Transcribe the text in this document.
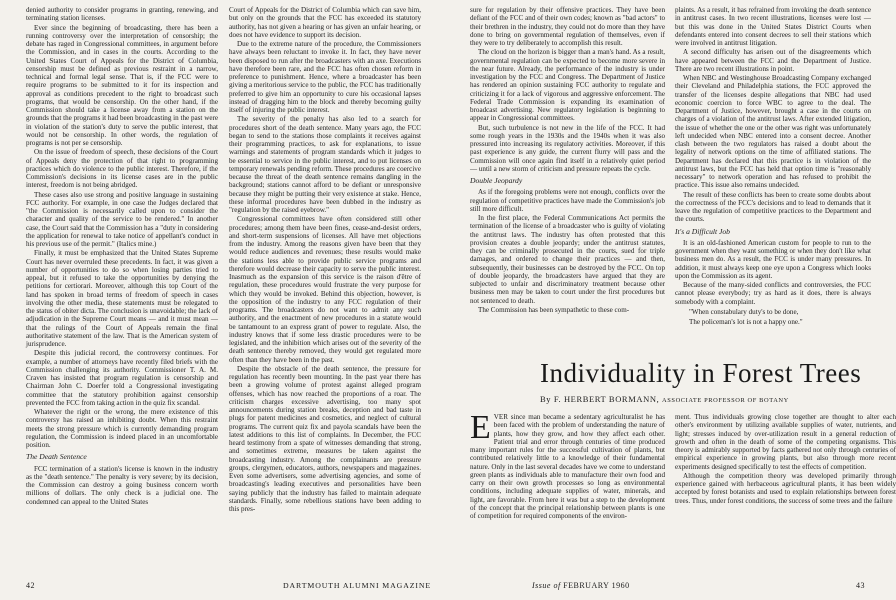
denied authority to consider programs in granting, renewing, and terminating station licenses.

Ever since the beginning of broadcasting, there has been a running controversy over the interpretation of censorship; the debate has raged in Congressional committees, in argument before the Commission, and in cases in the courts. According to the United States Court of Appeals for the District of Columbia, censorship must be defined as previous restraint in a narrow, technical and formal legal sense. That is, if the FCC were to require programs to be submitted to it for its inspection and approval as conditions precedent to the right to broadcast such programs, that would be censorship. On the other hand, if the Commission should take a license away from a station on the grounds that the programs it had been broadcasting in the past were in violation of the station's duty to serve the public interest, that would not be censorship. In other words, the regulation of programs is not per se censorship.

On the issue of freedom of speech, these decisions of the Court of Appeals deny the protection of that right to programming practices which do violence to the public interest. Therefore, if the Commission's decisions in its license cases are in the public interest, freedom is not being abridged.

These cases also use strong and positive language in sustaining FCC authority. For example, in one case the Judges declared that "the Commission is necessarily called upon to consider the character and quality of the service to be rendered." In another case, the Court said that the Commission has a "duty in considering the application for renewal to take notice of appellant's conduct in his previous use of the permit." (Italics mine.)

Finally, it must be emphasized that the United States Supreme Court has never overruled these precedents. In fact, it was given a number of opportunities to do so when losing parties tried to appeal, but it refused to take the opportunities by denying the petitions for certiorari. Moreover, although this top Court of the land has spoken in broad terms of freedom of speech in cases involving the other media, these statements must be relegated to the status of obiter dicta. The conclusion is unavoidable; the lack of adjudication in the Supreme Court means — and it must mean — that the rulings of the Court of Appeals remain the final authoritative statement of the law. That is the American system of jurisprudence.

Despite this judicial record, the controversy continues. For example, a number of attorneys have recently filed briefs with the Commission challenging its authority. Commissioner T. A. M. Craven has insisted that program regulation is censorship and Chairman John C. Doerfer told a Congressional investigating committee that the statutory prohibition against censorship prevented the FCC from taking action in the quiz fix scandal.

Whatever the right or the wrong, the mere existence of this controversy has raised an inhibiting doubt. When this restraint meets the strong pressure which is currently demanding program regulation, the Commission is indeed placed in an uncomfortable position.

The Death Sentence

FCC termination of a station's license is known in the industry as the "death sentence." The penalty is very severe; by its decision, the Commission can destroy a going business concern worth millions of dollars. The only check is a judicial one. The condemned can appeal to the United States

Court of Appeals for the District of Columbia which can save him, but only on the grounds that the FCC has exceeded its statutory authority, has not given a hearing or has given an unfair hearing, or does not have evidence to support its decision.

Due to the extreme nature of the procedure, the Commissioners have always been reluctant to invoke it. In fact, they have never been disposed to run after the broadcasters with an axe. Executions have therefore been rare, and the FCC has often chosen reform in preference to punishment. Hence, where a broadcaster has been giving a meritorious service to the public, the FCC has traditionally preferred to give him an opportunity to cure his occasional lapses instead of dragging him to the block and thereby becoming guilty itself of injuring the public interest.

The severity of the penalty has also led to a search for procedures short of the death sentence. Many years ago, the FCC began to send to the stations those complaints it receives against their programming practices, to ask for explanations, to issue warnings and statements of program standards which it judges to be essential to service in the public interest, and to put licenses on temporary renewals pending reform. These procedures are coercive because the threat of the death sentence remains dangling in the background; stations cannot afford to be defiant or unresponsive because they might be putting their very existence at stake. Hence, these informal procedures have been dubbed in the industry as "regulation by the raised eyebrow."

Congressional committees have often considered still other procedures; among them have been fines, cease-and-desist orders, and short-term suspensions of licenses. All have met objections from the industry. Among the reasons given have been that they would reduce audiences and revenues; these results would make the stations less able to provide public service programs and therefore would decrease their capacity to serve the public interest. Inasmuch as the expansion of this service is the raison d'être of regulation, these procedures would frustrate the very purpose for which they would be invoked. Behind this objection, however, is the opposition of the industry to any FCC regulation of their programs. The broadcasters do not want to admit any such authority, and the enactment of new procedures in a statute would be tantamount to an express grant of power to regulate. Also, the industry knows that if some less drastic procedures were to be legislated, and the inhibition which arises out of the severity of the death sentence thereby removed, they would get regulated more often than they have been in the past.

Despite the obstacle of the death sentence, the pressure for regulation has recently been mounting. In the past year there has been a growing volume of protest against alleged program offenses, which has now reached the proportions of a roar. The criticism charges excessive advertising, too many spot announcements during station breaks, deception and bad taste in plugs for patent medicines and cosmetics, and neglect of cultural programs. The current quiz fix and payola scandals have been the latest additions to this list of complaints. In December, the FCC heard testimony from a spate of witnesses demanding that strong, and sometimes extreme, measures be taken against the broadcasting industry. Among the complainants are pressure groups, clergymen, educators, authors, newspapers and magazines. Even some advertisers, some advertising agencies, and some of broadcasting's leading executives and personalities have been saying publicly that the industry has failed to maintain adequate standards. Finally, some rebellious stations have been adding to this pres-

sure for regulation by their offensive practices. They have been defiant of the FCC and of their own codes; known as "bad actors" to their brethren in the industry, they could not do more than they have done to bring on governmental regulation of themselves, even if they were to try deliberately to accomplish this result.

The cloud on the horizon is bigger than a man's hand. As a result, governmental regulation can be expected to become more severe in the near future. Already, the performance of the industry is under investigation by the FCC and Congress. The Department of Justice has rendered an opinion sustaining FCC authority to regulate and criticizing it for a lack of vigorous and aggressive enforcement. The Federal Trade Commission is expanding its examination of broadcast advertising. New regulatory legislation is beginning to appear in Congressional committees.

But, such turbulence is not new in the life of the FCC. It had some rough years in the 1930s and the 1940s when it was also pressured into increasing its regulatory activities. Moreover, if this past experience is any guide, the current flurry will pass and the Commission will once again find itself in a relatively quiet period — until a new storm of criticism and pressure repeats the cycle.

Double Jeopardy

As if the foregoing problems were not enough, conflicts over the regulation of competitive practices have made the Commission's job still more difficult.

In the first place, the Federal Communications Act permits the termination of the license of a broadcaster who is guilty of violating the antitrust laws. The industry has often protested that this provision creates a double jeopardy; under the antitrust statutes, they can be criminally prosecuted in the courts, sued for triple damages, and ordered to change their practices — and then, subsequently, their businesses can be destroyed by the FCC. On top of double jeopardy, the broadcasters have argued that they are subjected to unfair and discriminatory treatment because other business men may be taken to court under the first procedures but not sentenced to death.

The Commission has been sympathetic to these com-

plaints. As a result, it has refrained from invoking the death sentence in antitrust cases. In two recent illustrations, licenses were lost — but this was done in the United States District Courts when defendants entered into consent decrees to sell their stations which were involved in antitrust litigation.

A second difficulty has arisen out of the disagreements which have appeared between the FCC and the Department of Justice. There are two recent illustrations in point.

When NBC and Westinghouse Broadcasting Company exchanged their Cleveland and Philadelphia stations, the FCC approved the transfer of the licenses despite allegations that NBC had used economic coercion to force WBC to agree to the deal. The Department of Justice, however, brought a case in the courts on charges of a violation of the antitrust laws. After extended litigation, the issue of whether the one or the other was right was unfortunately left undecided when NBC entered into a consent decree. Another clash between the two regulators has raised a doubt about the legality of network options on the time of affiliated stations. The Department has declared that this practice is in violation of the antitrust laws, but the FCC has held that option time is "reasonably necessary" to network operation and has refused to prohibit the practice. This issue also remains undecided.

The result of these conflicts has been to create some doubts about the correctness of the FCC's decisions and to lead to demands that it leave the regulation of competitive practices to the Department and the courts.

It's a Difficult Job

It is an old-fashioned American custom for people to run to the government when they want something or when they don't like what business men do. As a result, the FCC is under many pressures. In addition, it must always keep one eye upon a Congress which looks upon the Commission as its agent.

Because of the many-sided conflicts and controversies, the FCC cannot please everybody; try as hard as it does, there is always somebody with a complaint.

"When constabulary duty's to be done,

The policeman's lot is not a happy one."

Individuality in Forest Trees
By F. HERBERT BORMANN, ASSOCIATE PROFESSOR OF BOTANY

EVER since man became a sedentary agriculturalist he has been faced with the problem of understanding the nature of plants, how they grow, and how they affect each other. Patient trial and error through centuries of time produced many important rules for the successful cultivation of plants, but contributed relatively little to a knowledge of their fundamental nature. Only in the last several decades have we come to understand green plants as individuals able to manufacture their own food and carry on their own growth processes so long as environmental conditions, including adequate supplies of water, minerals, and light, are favorable. From here it was but a step to the development of the concept that the principal relationship between plants is one of competition for required components of the environ-

ment. Thus individuals growing close together are thought to alter each other's environment by utilizing available supplies of water, nutrients, and light; stresses induced by over-utilization result in a general reduction of growth and often in the death of some of the competing organisms. This theory is admirably supported by facts gathered not only through centuries of empirical experience in growing plants, but also through more recent experiments designed specifically to test the effects of competition.

Although the competition theory was developed primarily through experience gained with herbaceous agricultural plants, it has been widely accepted by forest botanists and used to explain relationships between forest trees. Thus, under forest conditions, the success of some trees and the failure

42	DARTMOUTH ALUMNI MAGAZINE	Issue of FEBRUARY 1960	43
